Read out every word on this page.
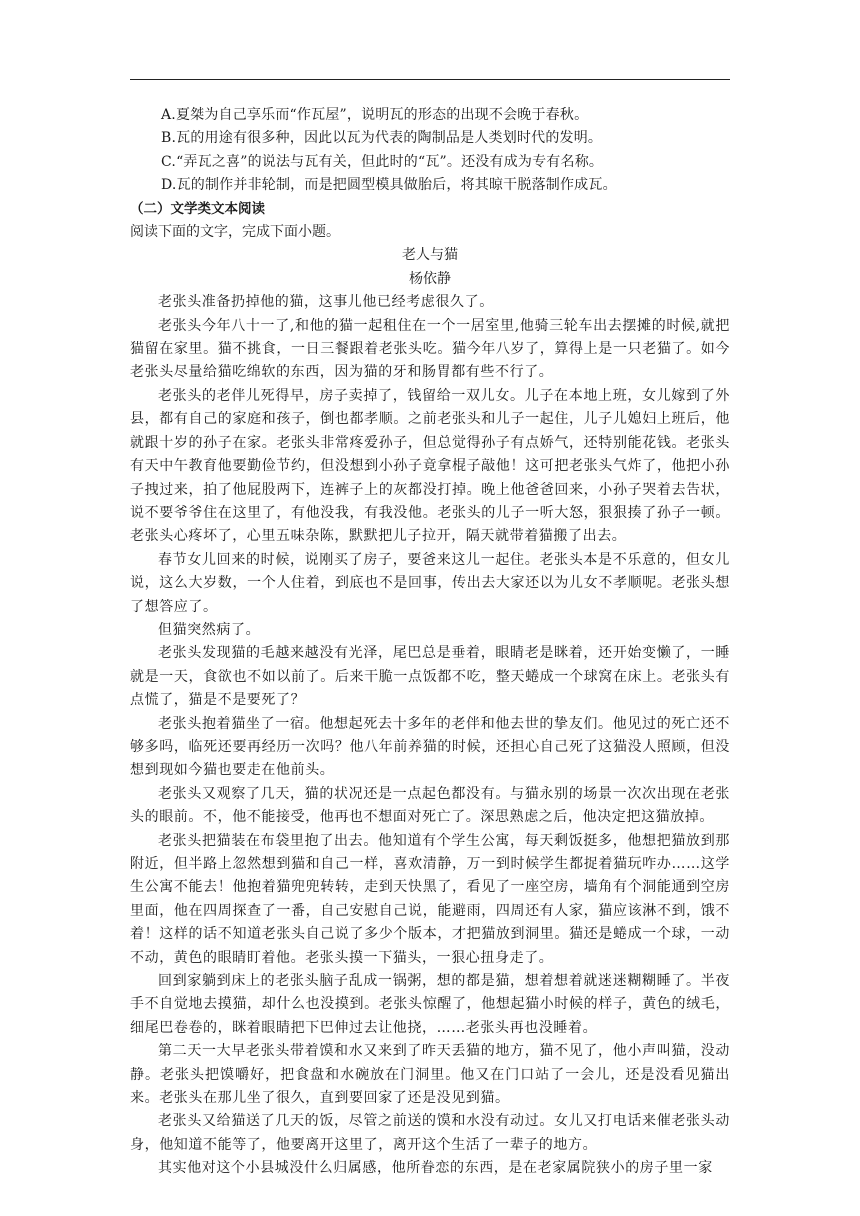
A.夏桀为自己享乐而“作瓦屋”，说明瓦的形态的出现不会晚于春秋。

B.瓦的用途有很多种，因此以瓦为代表的陶制品是人类划时代的发明。

C.“弄瓦之喜”的说法与瓦有关，但此时的“瓦”。还没有成为专有名称。

D.瓦的制作并非轮制，而是把圆型模具做胎后，将其晾干脱落制作成瓦。

（二）文学类文本阅读

阅读下面的文字，完成下面小题。

老人与猫

杨依静

老张头准备扔掉他的猫，这事儿他已经考虑很久了。

老张头今年八十一了,和他的猫一起租住在一个一居室里,他骑三轮车出去摆摊的时候,就把猫留在家里。猫不挑食，一日三餐跟着老张头吃。猫今年八岁了，算得上是一只老猫了。如今老张头尽量给猫吃绵软的东西，因为猫的牙和肠胃都有些不行了。

老张头的老伴儿死得早，房子卖掉了，钱留给一双儿女。儿子在本地上班，女儿嫁到了外县，都有自己的家庭和孩子，倒也都孝顺。之前老张头和儿子一起住，儿子儿媳妇上班后，他就跟十岁的孙子在家。老张头非常疼爱孙子，但总觉得孙子有点娇气，还特别能花钱。老张头有天中午教育他要勤俭节约，但没想到小孙子竟拿棍子敲他！这可把老张头气炸了，他把小孙子拽过来，拍了他屁股两下，连裤子上的灰都没打掉。晚上他爸爸回来，小孙子哭着去告状，说不要爷爷住在这里了，有他没我，有我没他。老张头的儿子一听大怒，狠狠揍了孙子一顿。老张头心疼坏了，心里五味杂陈，默默把儿子拉开，隔天就带着猫搬了出去。

春节女儿回来的时候，说刚买了房子，要爸来这儿一起住。老张头本是不乐意的，但女儿说，这么大岁数，一个人住着，到底也不是回事，传出去大家还以为儿女不孝顺呢。老张头想了想答应了。

但猫突然病了。

老张头发现猫的毛越来越没有光泽，尾巴总是垂着，眼睛老是眯着，还开始变懒了，一睡就是一天，食欲也不如以前了。后来干脆一点饭都不吃，整天蜷成一个球窝在床上。老张头有点慌了，猫是不是要死了？

老张头抱着猫坐了一宿。他想起死去十多年的老伴和他去世的挚友们。他见过的死亡还不够多吗，临死还要再经历一次吗？他八年前养猫的时候，还担心自己死了这猫没人照顾，但没想到现如今猫也要走在他前头。

老张头又观察了几天，猫的状况还是一点起色都没有。与猫永别的场景一次次出现在老张头的眼前。不，他不能接受，他再也不想面对死亡了。深思熟虑之后，他决定把这猫放掉。

老张头把猫装在布袋里抱了出去。他知道有个学生公寓，每天剩饭挺多，他想把猫放到那附近，但半路上忽然想到猫和自己一样，喜欢清静，万一到时候学生都捉着猫玩咋办……这学生公寓不能去！他抱着猫兜兜转转，走到天快黑了，看见了一座空房，墙角有个洞能通到空房里面，他在四周探查了一番，自己安慰自己说，能避雨，四周还有人家，猫应该淋不到，饿不着！这样的话不知道老张头自己说了多少个版本，才把猫放到洞里。猫还是蜷成一个球，一动不动，黄色的眼睛盯着他。老张头摸一下猫头，一狠心扭身走了。

回到家躺到床上的老张头脑子乱成一锅粥，想的都是猫，想着想着就迷迷糊糊睡了。半夜手不自觉地去摸猫，却什么也没摸到。老张头惊醒了，他想起猫小时候的样子，黄色的绒毛，细尾巴卷卷的，眯着眼睛把下巴伸过去让他挠，……老张头再也没睡着。

第二天一大早老张头带着馍和水又来到了昨天丢猫的地方，猫不见了，他小声叫猫，没动静。老张头把馍嚼好，把食盘和水碗放在门洞里。他又在门口站了一会儿，还是没看见猫出来。老张头在那儿坐了很久，直到要回家了还是没见到猫。

老张头又给猫送了几天的饭，尽管之前送的馍和水没有动过。女儿又打电话来催老张头动身，他知道不能等了，他要离开这里了，离开这个生活了一辈子的地方。

其实他对这个小县城没什么归属感，他所眷恋的东西，是在老家属院狭小的房子里一家
